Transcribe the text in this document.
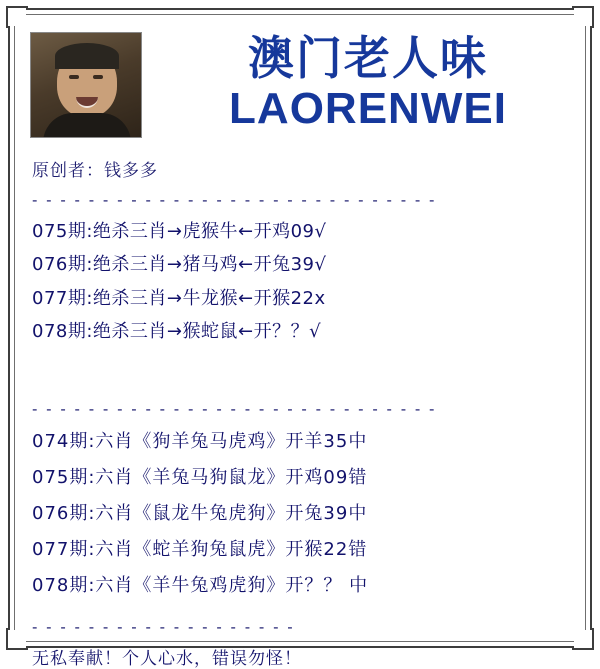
澳门老人味
LAORENWEI
原创者：钱多多
- - - - - - - - - - - - - - - - - - - - - - - - - - - - -
075期:绝杀三肖→虎猴牛←开鸡09√
076期:绝杀三肖→猪马鸡←开兔39√
077期:绝杀三肖→牛龙猴←开猴22x
078期:绝杀三肖→猴蛇鼠←开？？√
- - - - - - - - - - - - - - - - - - - - - - - - - - - - -
074期:六肖《狗羊兔马虎鸡》开羊35中
075期:六肖《羊兔马狗鼠龙》开鸡09错
076期:六肖《鼠龙牛兔虎狗》开兔39中
077期:六肖《蛇羊狗兔鼠虎》开猴22错
078期:六肖《羊牛兔鸡虎狗》开？？ 中
- - - - - - - - - - - - - - - - - - -
无私奉献！个人心水，错误勿怪！
